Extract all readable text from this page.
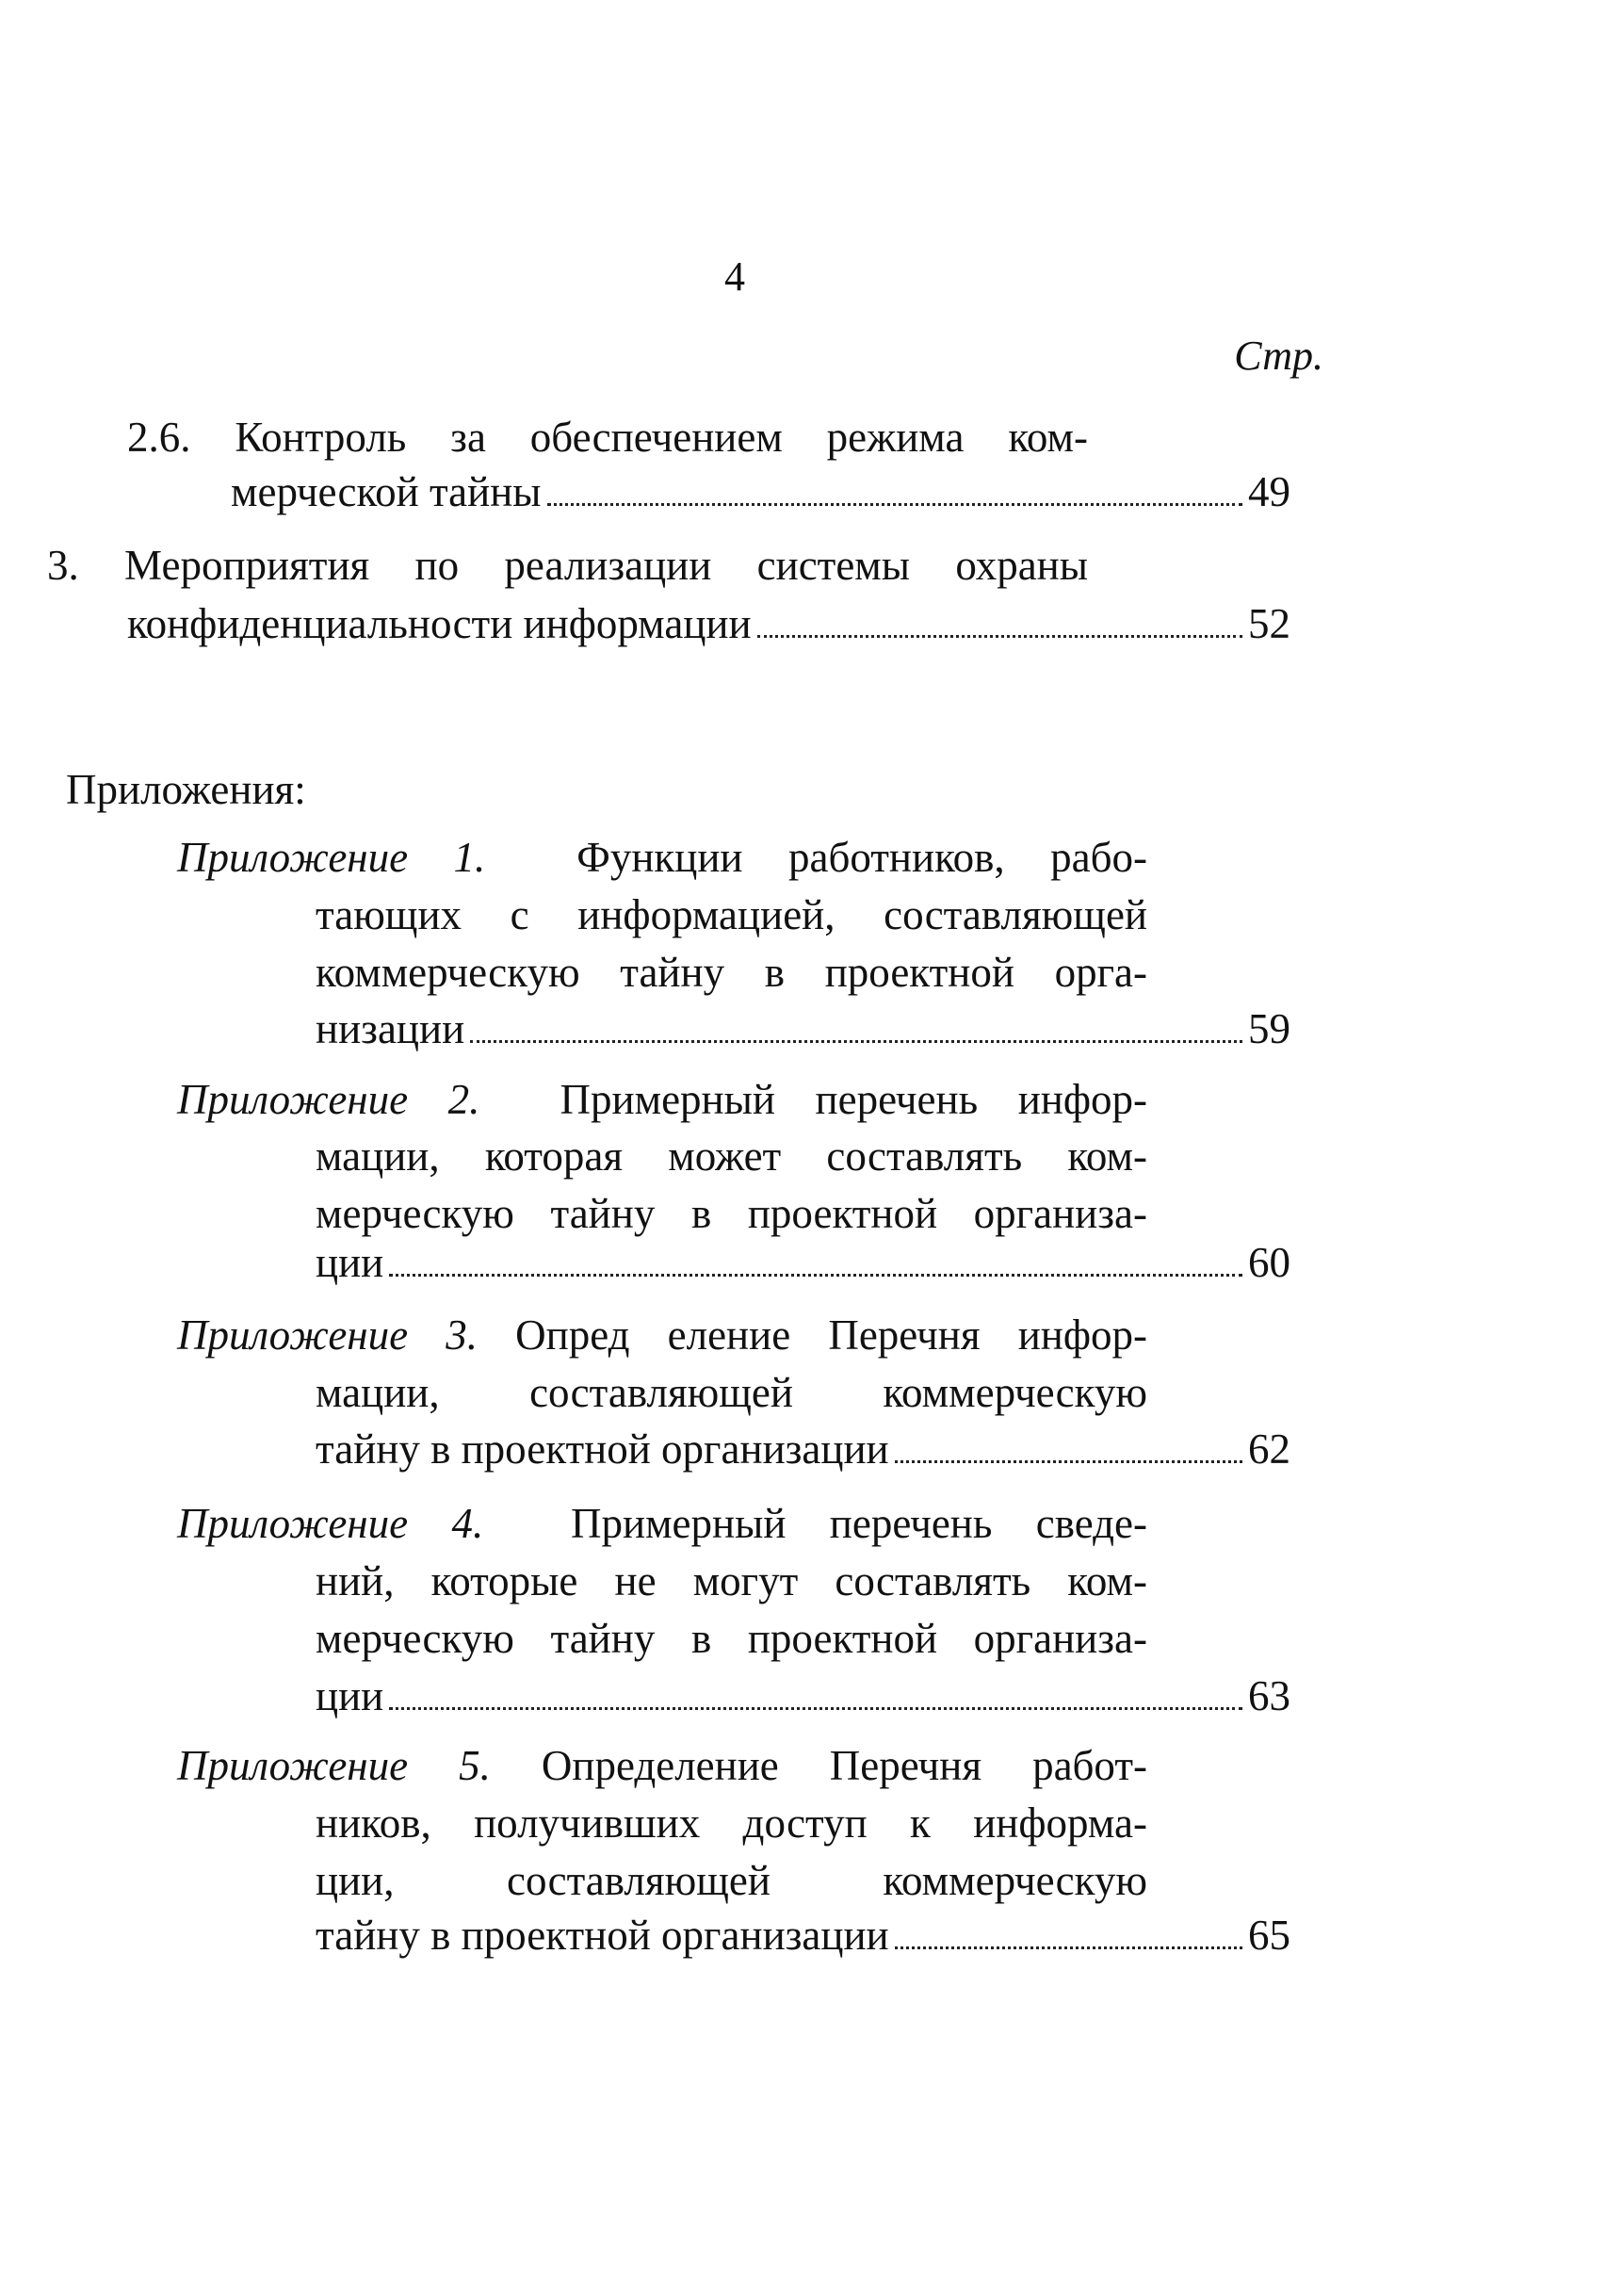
4
Стр.
2.6. Контроль за обеспечением режима ком-
мерческой тайны	49
3. Мероприятия по реализации системы охраны
конфиденциальности информации	52
Приложения:
Приложение 1. Функции работников, рабо-
тающих с информацией, составляющей
коммерческую тайну в проектной орга-
низации	59
Приложение 2. Примерный перечень инфор-
мации, которая может составлять ком-
мерческую тайну в проектной организа-
ции	60
Приложение 3. Опред еление Перечня инфор-
мации, составляющей коммерческую
тайну в проектной организации	62
Приложение 4. Примерный перечень сведе-
ний, которые не могут составлять ком-
мерческую тайну в проектной организа-
ции	63
Приложение 5. Определение Перечня работ-
ников, получивших доступ к информа-
ции, составляющей коммерческую
тайну в проектной организации	65
